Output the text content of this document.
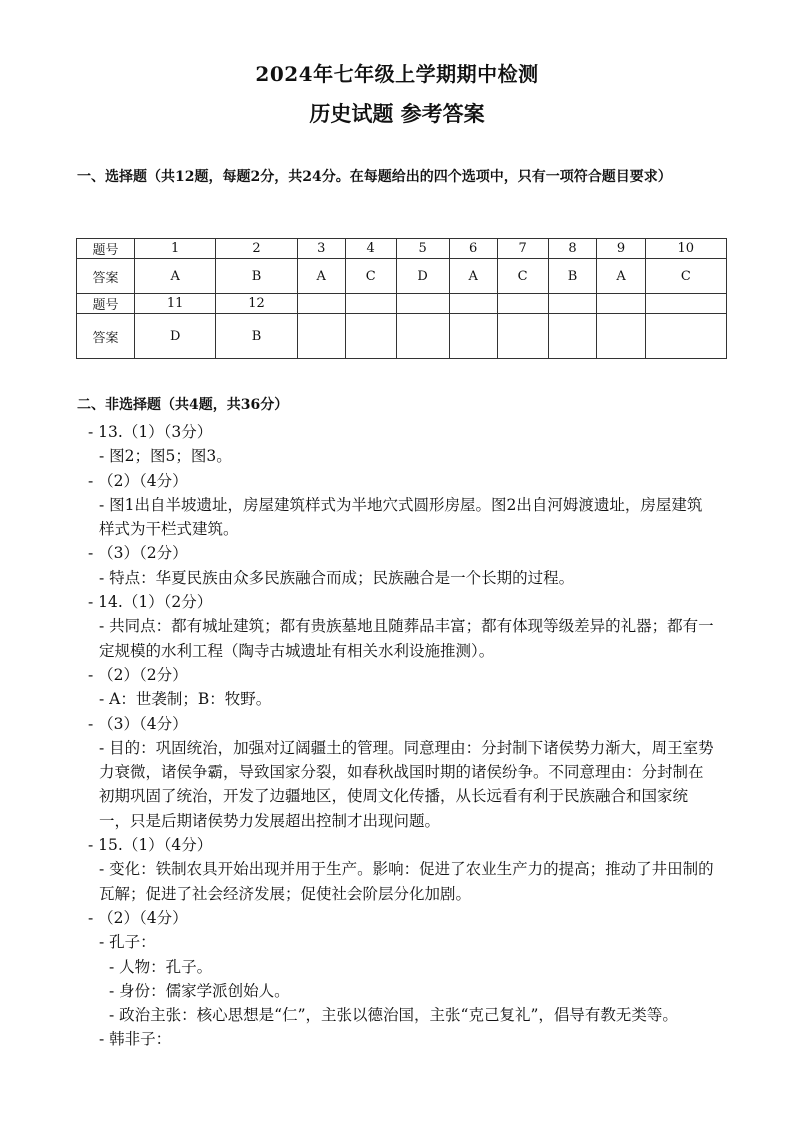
2024年七年级上学期期中检测
历史试题 参考答案
一、选择题（共12题，每题2分，共24分。在每题给出的四个选项中，只有一项符合题目要求）
题号	1	2	3	4	5	6	7	8	9	10
答案	A	B	A	C	D	A	C	B	A	C
题号	11	12								
答案	D	B								
二、非选择题（共4题，共36分）

- 13.（1）（3分）

- 图2；图5；图3。

- （2）（4分）

- 图1出自半坡遗址，房屋建筑样式为半地穴式圆形房屋。图2出自河姆渡遗址，房屋建筑样式为干栏式建筑。

- （3）（2分）

- 特点：华夏民族由众多民族融合而成；民族融合是一个长期的过程。

- 14.（1）（2分）

- 共同点：都有城址建筑；都有贵族墓地且随葬品丰富；都有体现等级差异的礼器；都有一定规模的水利工程（陶寺古城遗址有相关水利设施推测）。

- （2）（2分）

- A：世袭制；B：牧野。

- （3）（4分）

- 目的：巩固统治，加强对辽阔疆土的管理。同意理由：分封制下诸侯势力渐大，周王室势力衰微，诸侯争霸，导致国家分裂，如春秋战国时期的诸侯纷争。不同意理由：分封制在初期巩固了统治，开发了边疆地区，使周文化传播，从长远看有利于民族融合和国家统一，只是后期诸侯势力发展超出控制才出现问题。

- 15.（1）（4分）

- 变化：铁制农具开始出现并用于生产。影响：促进了农业生产力的提高；推动了井田制的瓦解；促进了社会经济发展；促使社会阶层分化加剧。

- （2）（4分）

- 孔子：

- 人物：孔子。

- 身份：儒家学派创始人。

- 政治主张：核心思想是“仁”，主张以德治国，主张“克己复礼”，倡导有教无类等。

- 韩非子：
